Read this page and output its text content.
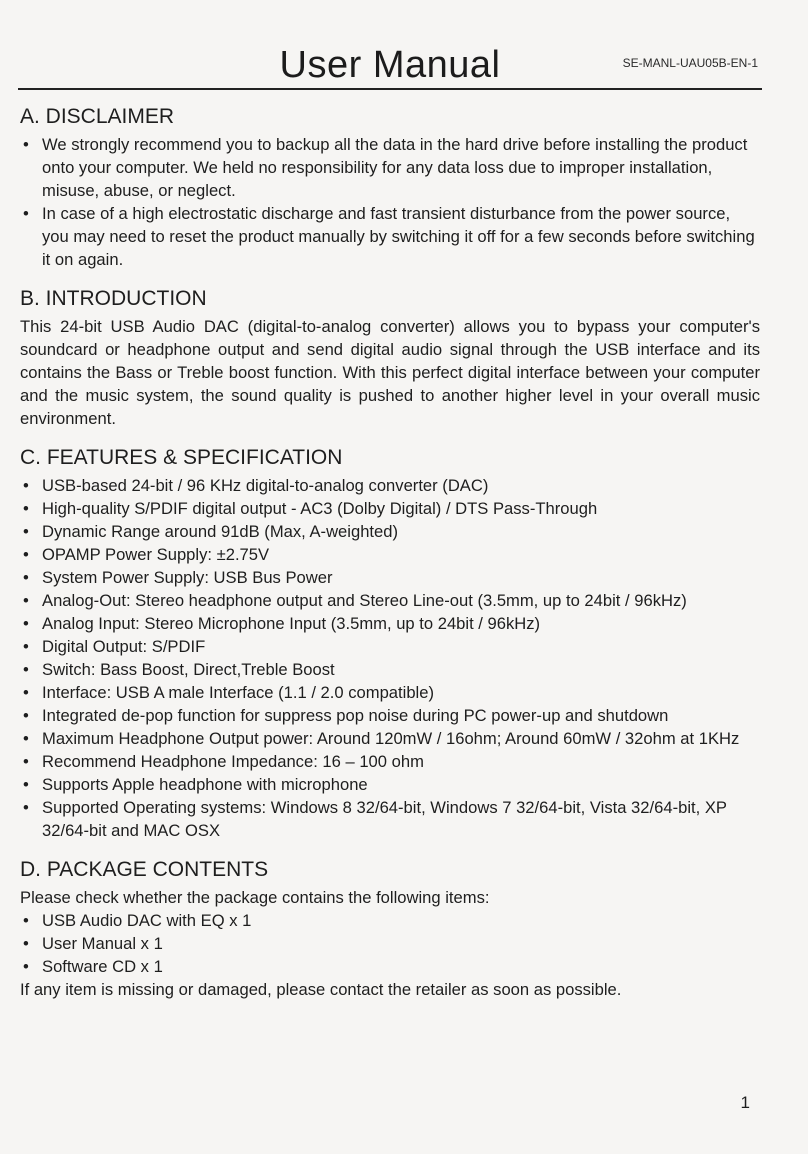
User Manual	SE-MANL-UAU05B-EN-1
A. DISCLAIMER
• We strongly recommend you to backup all the data in the hard drive before installing the product onto your computer. We held no responsibility for any data loss due to improper installation, misuse, abuse, or neglect.
• In case of a high electrostatic discharge and fast transient disturbance from the power source, you may need to reset the product manually by switching it off for a few seconds before switching it on again.
B. INTRODUCTION

This 24-bit USB Audio DAC (digital-to-analog converter) allows you to bypass your computer's soundcard or headphone output and send digital audio signal through the USB interface and its contains the Bass or Treble boost function. With this perfect digital interface between your computer and the music system, the sound quality is pushed to another higher level in your overall music environment.

C. FEATURES & SPECIFICATION
• USB-based 24-bit / 96 KHz digital-to-analog converter (DAC)
• High-quality S/PDIF digital output - AC3 (Dolby Digital) / DTS Pass-Through
• Dynamic Range around 91dB (Max, A-weighted)
• OPAMP Power Supply: ±2.75V
• System Power Supply: USB Bus Power
• Analog-Out: Stereo headphone output and Stereo Line-out (3.5mm, up to 24bit / 96kHz)
• Analog Input: Stereo Microphone Input (3.5mm, up to 24bit / 96kHz)
• Digital Output: S/PDIF
• Switch: Bass Boost, Direct,Treble Boost
• Interface: USB A male Interface (1.1 / 2.0 compatible)
• Integrated de-pop function for suppress pop noise during PC power-up and shutdown
• Maximum Headphone Output power: Around 120mW / 16ohm; Around 60mW / 32ohm at 1KHz
• Recommend Headphone Impedance: 16 – 100 ohm
• Supports Apple headphone with microphone
• Supported Operating systems: Windows 8 32/64-bit, Windows 7 32/64-bit, Vista 32/64-bit, XP 32/64-bit and MAC OSX
D. PACKAGE CONTENTS

Please check whether the package contains the following items:

• USB Audio DAC with EQ x 1
• User Manual x 1
• Software CD x 1

If any item is missing or damaged, please contact the retailer as soon as possible.

1
